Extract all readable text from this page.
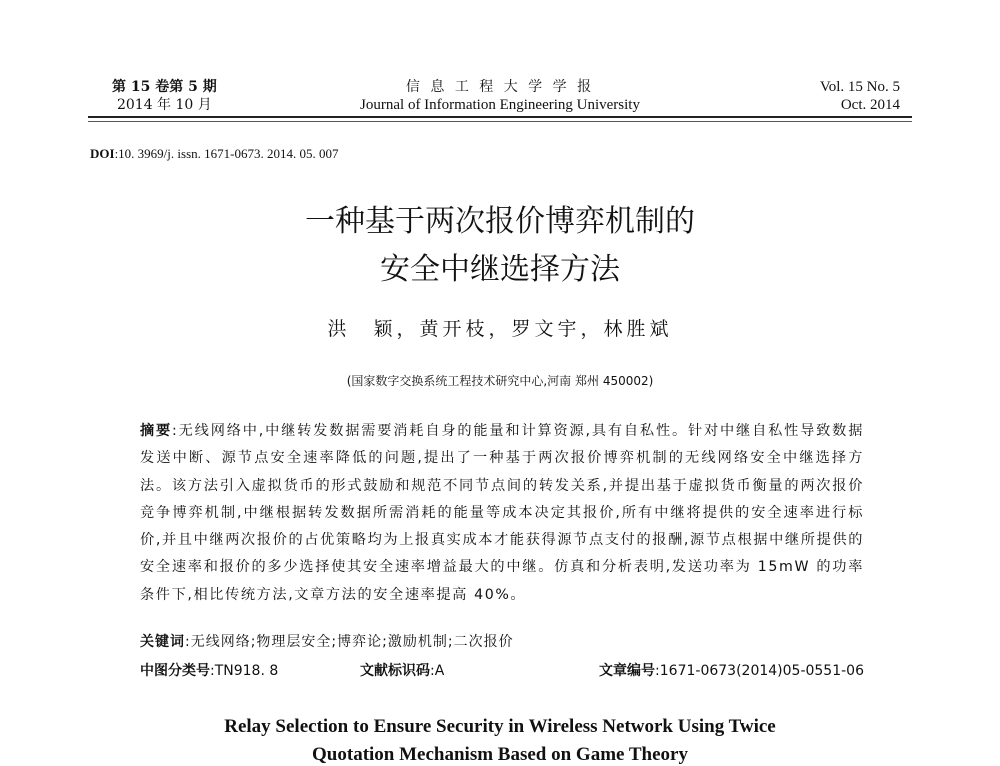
第 15 卷第 5 期
2014 年 10 月
信 息 工 程 大 学 学 报
Journal of Information Engineering University
Vol. 15 No. 5
Oct. 2014
DOI:10. 3969/j. issn. 1671-0673. 2014. 05. 007
一种基于两次报价博弈机制的
安全中继选择方法
洪　颖，黄开枝，罗文宇，林胜斌
(国家数字交换系统工程技术研究中心,河南 郑州 450002)
摘要:无线网络中,中继转发数据需要消耗自身的能量和计算资源,具有自私性。针对中继自私性导致数据发送中断、源节点安全速率降低的问题,提出了一种基于两次报价博弈机制的无线网络安全中继选择方法。该方法引入虚拟货币的形式鼓励和规范不同节点间的转发关系,并提出基于虚拟货币衡量的两次报价竞争博弈机制,中继根据转发数据所需消耗的能量等成本决定其报价,所有中继将提供的安全速率进行标价,并且中继两次报价的占优策略均为上报真实成本才能获得源节点支付的报酬,源节点根据中继所提供的安全速率和报价的多少选择使其安全速率增益最大的中继。仿真和分析表明,发送功率为 15mW 的功率条件下,相比传统方法,文章方法的安全速率提高 40%。
关键词:无线网络;物理层安全;博弈论;激励机制;二次报价
中图分类号:TN918. 8	文献标识码:A	文章编号:1671-0673(2014)05-0551-06
Relay Selection to Ensure Security in Wireless Network Using Twice
Quotation Mechanism Based on Game Theory
